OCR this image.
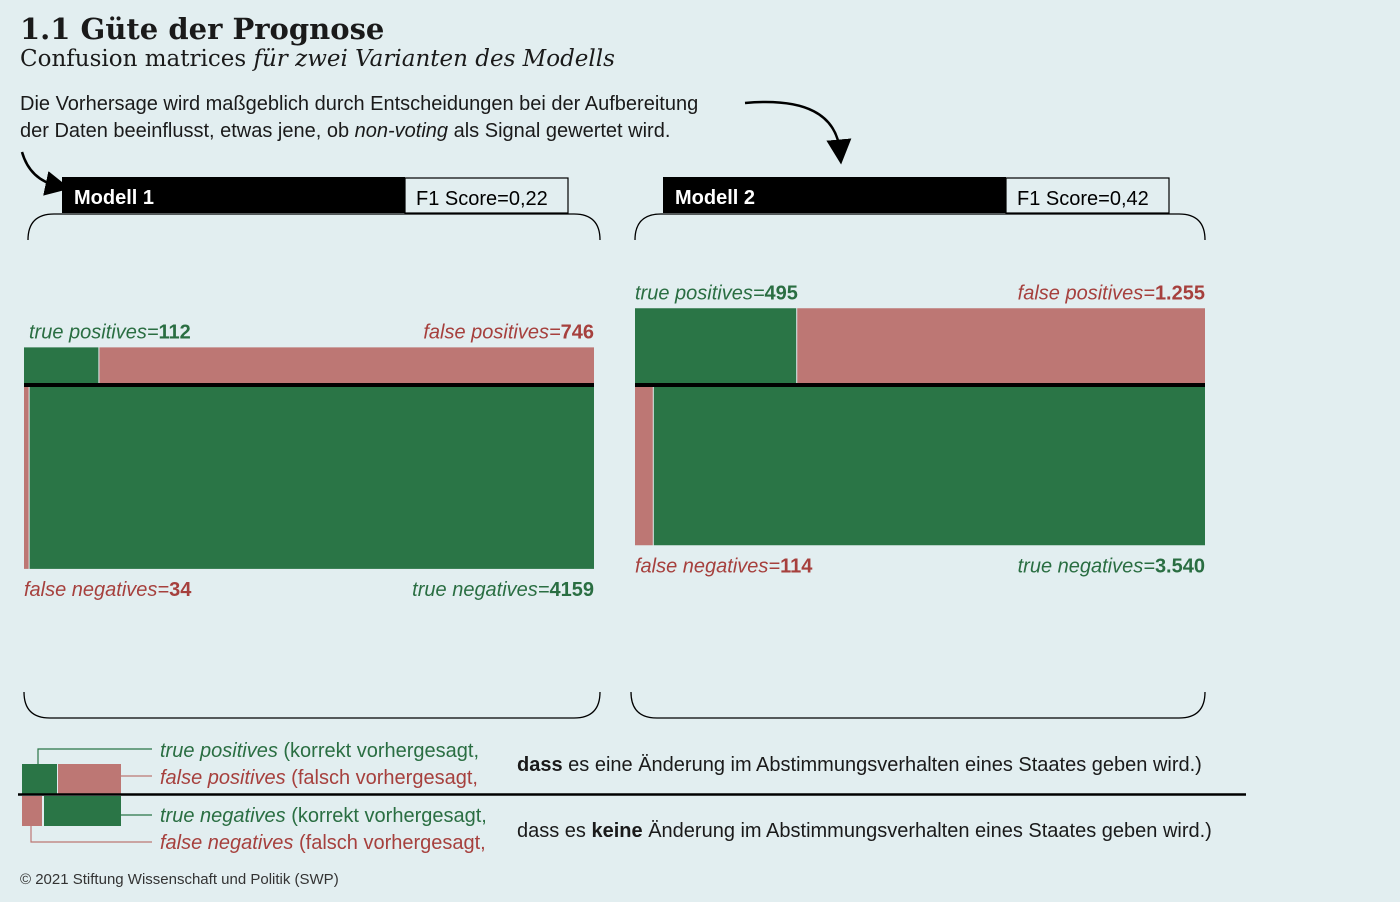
1.1 Güte der Prognose

Confusion matrices für zwei Varianten des Modells

Die Vorhersage wird maßgeblich durch Entscheidungen bei der Aufbereitung
der Daten beeinflusst, etwas jene, ob non-voting als Signal gewertet wird.

Modell 1	F1 Score=0,22
true positives=112	false positives=746
false negatives=34	true negatives=4159
Modell 2	F1 Score=0,42
true positives=495	false positives=1.255
false negatives=114	true negatives=3.540
true positives (korrekt vorhergesagt,
false positives (falsch vorhergesagt,
true negatives (korrekt vorhergesagt,
false negatives (falsch vorhergesagt,
dass es eine Änderung im Abstimmungsverhalten eines Staates geben wird.)
dass es keine Änderung im Abstimmungsverhalten eines Staates geben wird.)

© 2021 Stiftung Wissenschaft und Politik (SWP)
